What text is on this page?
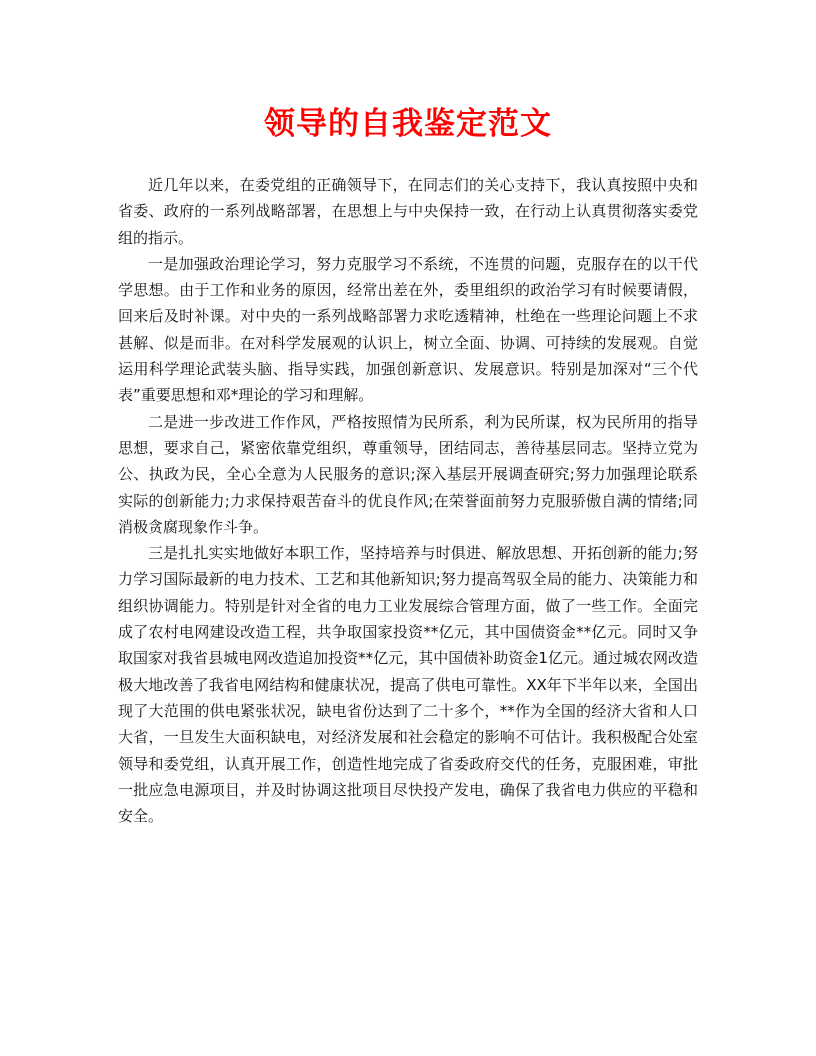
领导的自我鉴定范文

近几年以来，在委党组的正确领导下，在同志们的关心支持下，我认真按照中央和省委、政府的一系列战略部署，在思想上与中央保持一致，在行动上认真贯彻落实委党组的指示。

一是加强政治理论学习，努力克服学习不系统，不连贯的问题，克服存在的以干代学思想。由于工作和业务的原因，经常出差在外，委里组织的政治学习有时候要请假，回来后及时补课。对中央的一系列战略部署力求吃透精神，杜绝在一些理论问题上不求甚解、似是而非。在对科学发展观的认识上，树立全面、协调、可持续的发展观。自觉运用科学理论武装头脑、指导实践，加强创新意识、发展意识。特别是加深对“三个代表”重要思想和邓*理论的学习和理解。

二是进一步改进工作作风，严格按照情为民所系，利为民所谋，权为民所用的指导思想，要求自己，紧密依靠党组织，尊重领导，团结同志，善待基层同志。坚持立党为公、执政为民，全心全意为人民服务的意识;深入基层开展调查研究;努力加强理论联系实际的创新能力;力求保持艰苦奋斗的优良作风;在荣誉面前努力克服骄傲自满的情绪;同消极贪腐现象作斗争。

三是扎扎实实地做好本职工作，坚持培养与时俱进、解放思想、开拓创新的能力;努力学习国际最新的电力技术、工艺和其他新知识;努力提高驾驭全局的能力、决策能力和组织协调能力。特别是针对全省的电力工业发展综合管理方面，做了一些工作。全面完成了农村电网建设改造工程，共争取国家投资**亿元，其中国债资金**亿元。同时又争取国家对我省县城电网改造追加投资**亿元，其中国债补助资金1亿元。通过城农网改造极大地改善了我省电网结构和健康状况，提高了供电可靠性。XX年下半年以来，全国出现了大范围的供电紧张状况，缺电省份达到了二十多个，**作为全国的经济大省和人口大省，一旦发生大面积缺电，对经济发展和社会稳定的影响不可估计。我积极配合处室领导和委党组，认真开展工作，创造性地完成了省委政府交代的任务，克服困难，审批一批应急电源项目，并及时协调这批项目尽快投产发电，确保了我省电力供应的平稳和安全。
